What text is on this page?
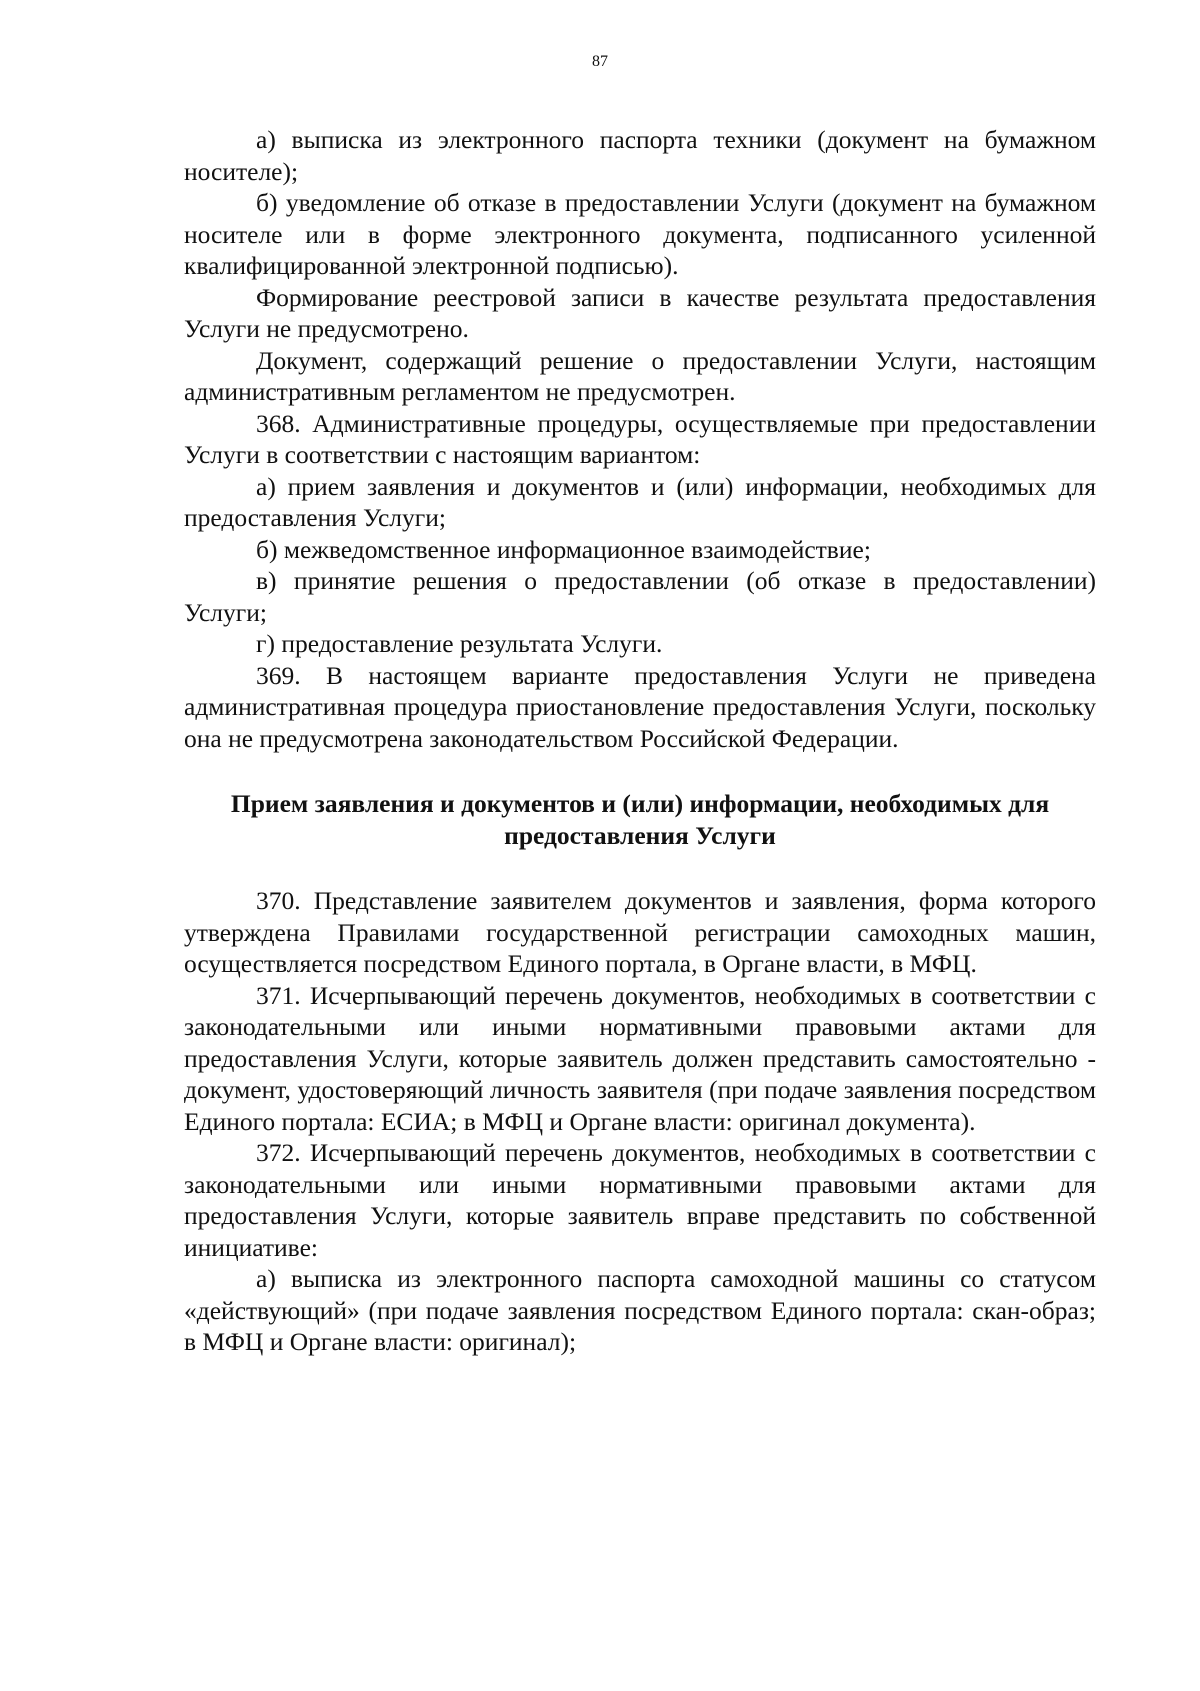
87

а) выписка из электронного паспорта техники (документ на бумажном носителе);

б) уведомление об отказе в предоставлении Услуги (документ на бумажном носителе или в форме электронного документа, подписанного усиленной квалифицированной электронной подписью).

Формирование реестровой записи в качестве результата предоставления Услуги не предусмотрено.

Документ, содержащий решение о предоставлении Услуги, настоящим административным регламентом не предусмотрен.

368. Административные процедуры, осуществляемые при предоставлении Услуги в соответствии с настоящим вариантом:

а) прием заявления и документов и (или) информации, необходимых для предоставления Услуги;

б) межведомственное информационное взаимодействие;

в) принятие решения о предоставлении (об отказе в предоставлении) Услуги;

г) предоставление результата Услуги.

369. В настоящем варианте предоставления Услуги не приведена административная процедура приостановление предоставления Услуги, поскольку она не предусмотрена законодательством Российской Федерации.

Прием заявления и документов и (или) информации, необходимых для предоставления Услуги

370. Представление заявителем документов и заявления, форма которого утверждена Правилами государственной регистрации самоходных машин, осуществляется посредством Единого портала, в Органе власти, в МФЦ.

371. Исчерпывающий перечень документов, необходимых в соответствии с законодательными или иными нормативными правовыми актами для предоставления Услуги, которые заявитель должен представить самостоятельно - документ, удостоверяющий личность заявителя (при подаче заявления посредством Единого портала: ЕСИА; в МФЦ и Органе власти: оригинал документа).

372. Исчерпывающий перечень документов, необходимых в соответствии с законодательными или иными нормативными правовыми актами для предоставления Услуги, которые заявитель вправе представить по собственной инициативе:

а) выписка из электронного паспорта самоходной машины со статусом «действующий» (при подаче заявления посредством Единого портала: скан-образ; в МФЦ и Органе власти: оригинал);
